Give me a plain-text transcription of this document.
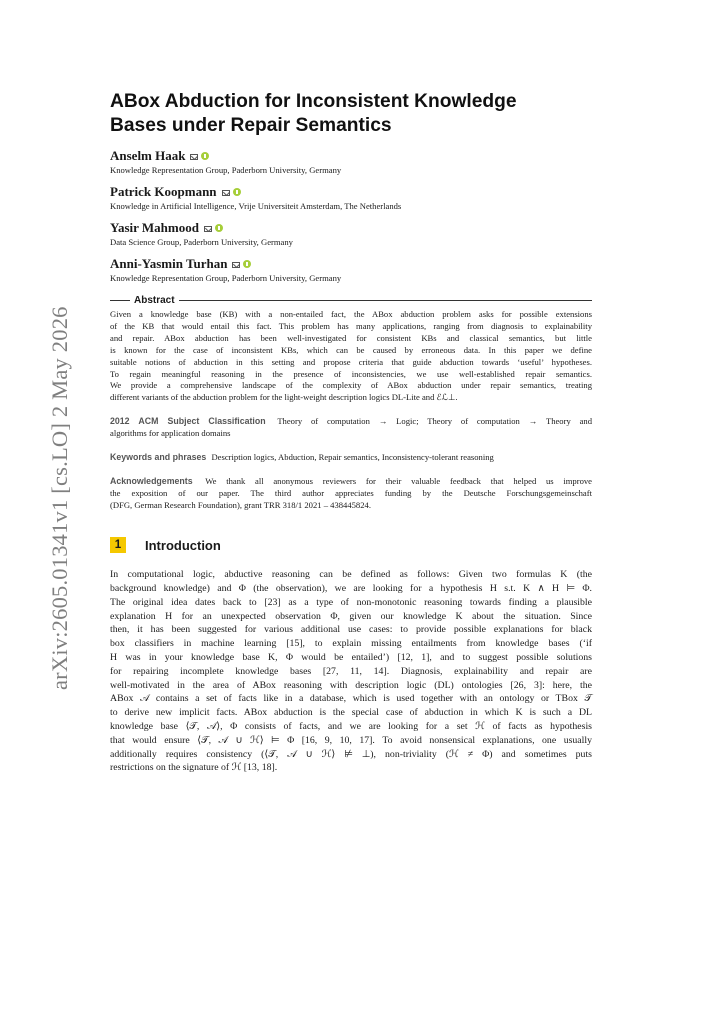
arXiv:2605.01341v1 [cs.LO] 2 May 2026
ABox Abduction for Inconsistent Knowledge
Bases under Repair Semantics
Anselm Haak
Knowledge Representation Group, Paderborn University, Germany
Patrick Koopmann
Knowledge in Artificial Intelligence, Vrije Universiteit Amsterdam, The Netherlands
Yasir Mahmood
Data Science Group, Paderborn University, Germany
Anni-Yasmin Turhan
Knowledge Representation Group, Paderborn University, Germany
Abstract
Given a knowledge base (KB) with a non-entailed fact, the ABox abduction problem asks for possible extensions
of the KB that would entail this fact. This problem has many applications, ranging from diagnosis to explainability
and repair. ABox abduction has been well-investigated for consistent KBs and classical semantics, but little
is known for the case of inconsistent KBs, which can be caused by erroneous data. In this paper we define
suitable notions of abduction in this setting and propose criteria that guide abduction towards ‘useful’ hypotheses.
To regain meaningful reasoning in the presence of inconsistencies, we use well-established repair semantics.
We provide a comprehensive landscape of the complexity of ABox abduction under repair semantics, treating
different variants of the abduction problem for the light-weight description logics DL-Lite and ℰℒ⊥.
2012 ACM Subject Classification Theory of computation → Logic; Theory of computation → Theory and
algorithms for application domains
Keywords and phrases Description logics, Abduction, Repair semantics, Inconsistency-tolerant reasoning
Acknowledgements We thank all anonymous reviewers for their valuable feedback that helped us improve
the exposition of our paper. The third author appreciates funding by the Deutsche Forschungsgemeinschaft
(DFG, German Research Foundation), grant TRR 318/1 2021 – 438445824.
1	Introduction
In computational logic, abductive reasoning can be defined as follows: Given two formulas K (the
background knowledge) and Φ (the observation), we are looking for a hypothesis H s.t. K ∧ H ⊨ Φ.
The original idea dates back to [23] as a type of non-monotonic reasoning towards finding a plausible
explanation H for an unexpected observation Φ, given our knowledge K about the situation. Since
then, it has been suggested for various additional use cases: to provide possible explanations for black
box classifiers in machine learning [15], to explain missing entailments from knowledge bases (‘if
H was in your knowledge base K, Φ would be entailed’) [12, 1], and to suggest possible solutions
for repairing incomplete knowledge bases [27, 11, 14]. Diagnosis, explainability and repair are
well-motivated in the area of ABox reasoning with description logic (DL) ontologies [26, 3]: here, the
ABox 𝒜 contains a set of facts like in a database, which is used together with an ontology or TBox 𝒯
to derive new implicit facts. ABox abduction is the special case of abduction in which K is such a DL
knowledge base ⟨𝒯, 𝒜⟩, Φ consists of facts, and we are looking for a set ℋ of facts as hypothesis
that would ensure ⟨𝒯, 𝒜 ∪ ℋ⟩ ⊨ Φ [16, 9, 10, 17]. To avoid nonsensical explanations, one usually
additionally requires consistency (⟨𝒯, 𝒜 ∪ ℋ⟩ ⊭ ⊥), non-triviality (ℋ ≠ Φ) and sometimes puts
restrictions on the signature of ℋ [13, 18].
